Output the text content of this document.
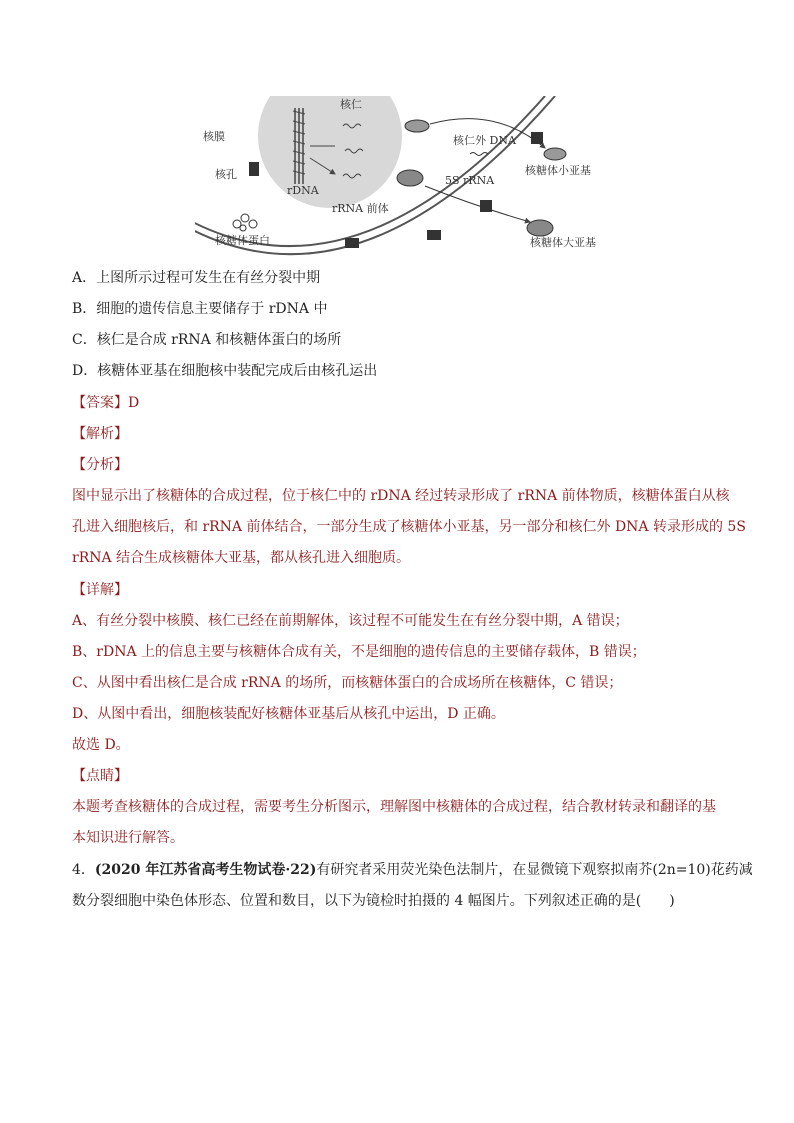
核仁
核膜
核孔
rDNA
rRNA 前体
核糖体蛋白
核仁外 DNA
5S rRNA
核糖体小亚基
核糖体大亚基
A．上图所示过程可发生在有丝分裂中期
B．细胞的遗传信息主要储存于 rDNA 中
C．核仁是合成 rRNA 和核糖体蛋白的场所
D．核糖体亚基在细胞核中装配完成后由核孔运出
【答案】D
【解析】
【分析】
图中显示出了核糖体的合成过程，位于核仁中的 rDNA 经过转录形成了 rRNA 前体物质，核糖体蛋白从核
孔进入细胞核后，和 rRNA 前体结合，一部分生成了核糖体小亚基，另一部分和核仁外 DNA 转录形成的 5S
rRNA 结合生成核糖体大亚基，都从核孔进入细胞质。
【详解】
A、有丝分裂中核膜、核仁已经在前期解体，该过程不可能发生在有丝分裂中期，A 错误；
B、rDNA 上的信息主要与核糖体合成有关，不是细胞的遗传信息的主要储存载体，B 错误；
C、从图中看出核仁是合成 rRNA 的场所，而核糖体蛋白的合成场所在核糖体，C 错误；
D、从图中看出，细胞核装配好核糖体亚基后从核孔中运出，D 正确。
故选 D。
【点睛】
本题考查核糖体的合成过程，需要考生分析图示，理解图中核糖体的合成过程，结合教材转录和翻译的基
本知识进行解答。
4．(2020 年江苏省高考生物试卷·22)有研究者采用荧光染色法制片，在显微镜下观察拟南芥(2n=10)花药减
数分裂细胞中染色体形态、位置和数目，以下为镜检时拍摄的 4 幅图片。下列叙述正确的是(　　)
